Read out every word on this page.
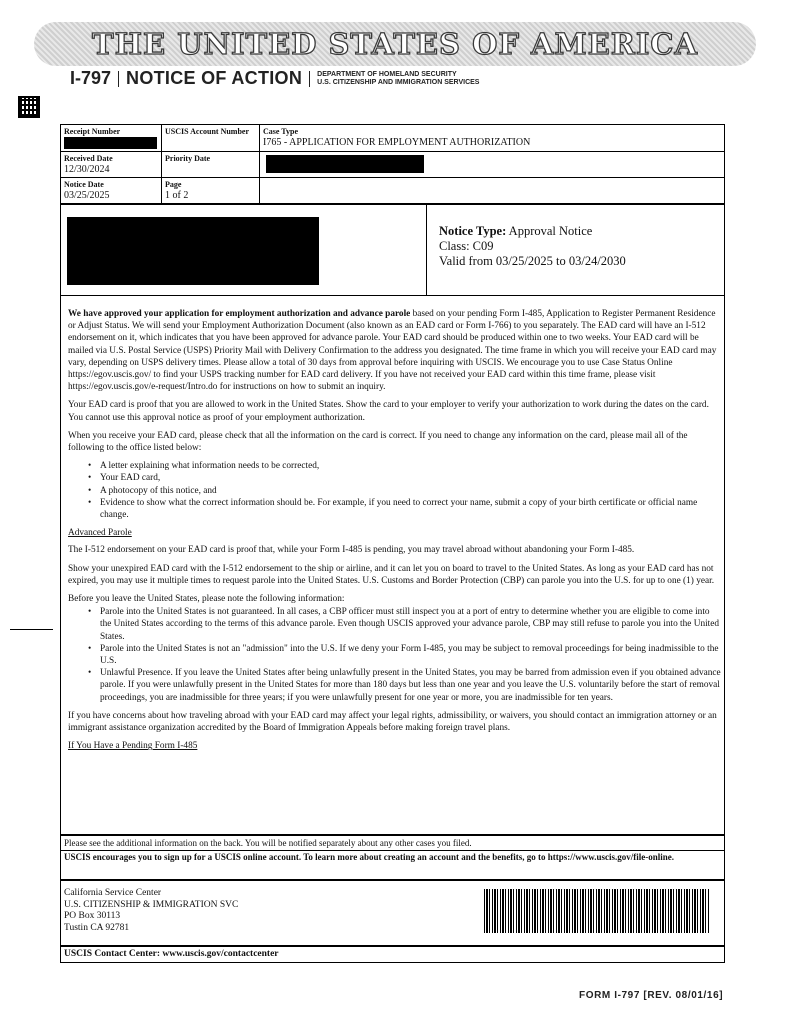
THE UNITED STATES OF AMERICA
I-797 NOTICE OF ACTION DEPARTMENT OF HOMELAND SECURITY
U.S. CITIZENSHIP AND IMMIGRATION SERVICES
Receipt Number	USCIS Account Number	Case Type
I765 - APPLICATION FOR EMPLOYMENT AUTHORIZATION
Received Date
12/30/2024
Priority Date
Notice Date
03/25/2025
Page
1 of 2
Notice Type: Approval Notice
Class: C09
Valid from 03/25/2025 to 03/24/2030

We have approved your application for employment authorization and advance parole based on your pending Form I-485, Application to Register Permanent Residence or Adjust Status. We will send your Employment Authorization Document (also known as an EAD card or Form I-766) to you separately. The EAD card will have an I-512 endorsement on it, which indicates that you have been approved for advance parole. Your EAD card should be produced within one to two weeks. Your EAD card will be mailed via U.S. Postal Service (USPS) Priority Mail with Delivery Confirmation to the address you designated. The time frame in which you will receive your EAD card may vary, depending on USPS delivery times. Please allow a total of 30 days from approval before inquiring with USCIS. We encourage you to use Case Status Online https://egov.uscis.gov/ to find your USPS tracking number for EAD card delivery. If you have not received your EAD card within this time frame, please visit https://egov.uscis.gov/e-request/Intro.do for instructions on how to submit an inquiry.

Your EAD card is proof that you are allowed to work in the United States. Show the card to your employer to verify your authorization to work during the dates on the card. You cannot use this approval notice as proof of your employment authorization.

When you receive your EAD card, please check that all the information on the card is correct. If you need to change any information on the card, please mail all of the following to the office listed below:

• A letter explaining what information needs to be corrected,
• Your EAD card,
• A photocopy of this notice, and
• Evidence to show what the correct information should be. For example, if you need to correct your name, submit a copy of your birth certificate or official name change.

Advanced Parole

The I-512 endorsement on your EAD card is proof that, while your Form I-485 is pending, you may travel abroad without abandoning your Form I-485.

Show your unexpired EAD card with the I-512 endorsement to the ship or airline, and it can let you on board to travel to the United States. As long as your EAD card has not expired, you may use it multiple times to request parole into the United States. U.S. Customs and Border Protection (CBP) can parole you into the U.S. for up to one (1) year.

Before you leave the United States, please note the following information:

• Parole into the United States is not guaranteed. In all cases, a CBP officer must still inspect you at a port of entry to determine whether you are eligible to come into the United States according to the terms of this advance parole. Even though USCIS approved your advance parole, CBP may still refuse to parole you into the United States.
• Parole into the United States is not an "admission" into the U.S. If we deny your Form I-485, you may be subject to removal proceedings for being inadmissible to the U.S.
• Unlawful Presence. If you leave the United States after being unlawfully present in the United States, you may be barred from admission even if you obtained advance parole. If you were unlawfully present in the United States for more than 180 days but less than one year and you leave the U.S. voluntarily before the start of removal proceedings, you are inadmissible for three years; if you were unlawfully present for one year or more, you are inadmissible for ten years.

If you have concerns about how traveling abroad with your EAD card may affect your legal rights, admissibility, or waivers, you should contact an immigration attorney or an immigrant assistance organization accredited by the Board of Immigration Appeals before making foreign travel plans.

If You Have a Pending Form I-485

Please see the additional information on the back. You will be notified separately about any other cases you filed.
USCIS encourages you to sign up for a USCIS online account. To learn more about creating an account and the benefits, go to https://www.uscis.gov/file-online.
California Service Center
U.S. CITIZENSHIP & IMMIGRATION SVC
PO Box 30113
Tustin CA 92781
USCIS Contact Center: www.uscis.gov/contactcenter
FORM I-797 [REV. 08/01/16]
